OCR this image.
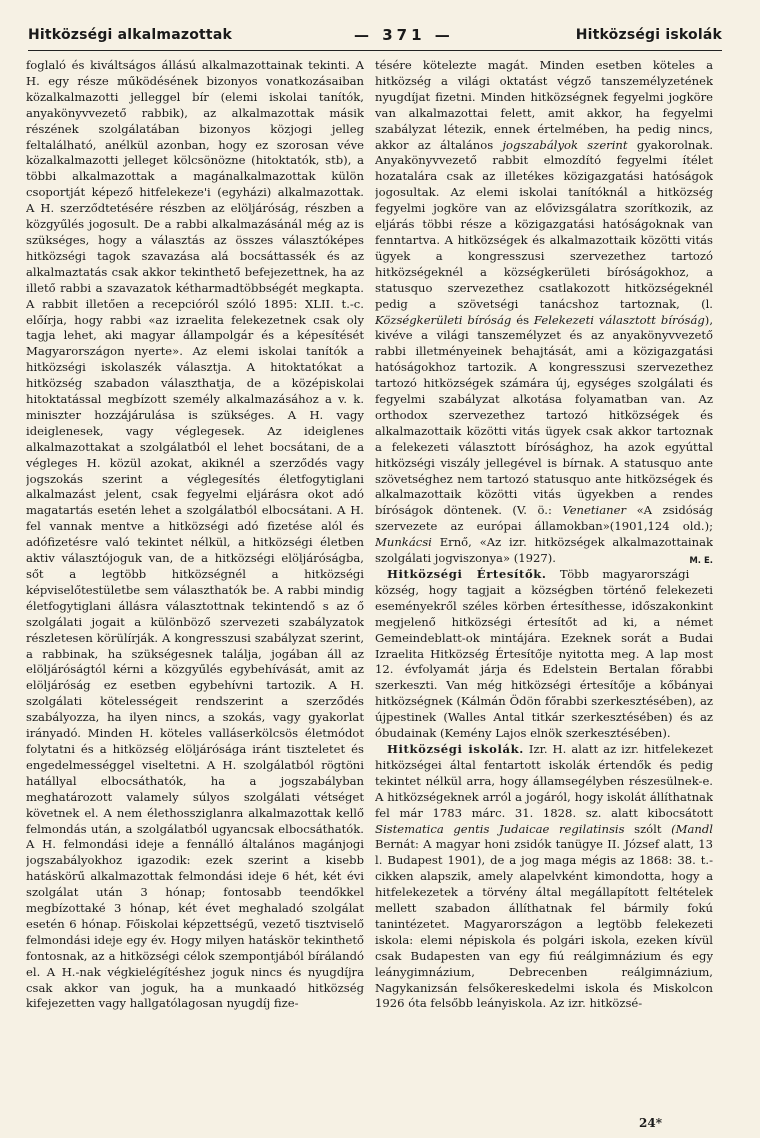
Hitközségi alkalmazottak	— 371 —	Hitközségi iskolák

foglaló és kiváltságos állású alkalmazottainak tekinti. A H. egy része működésének bizonyos vonatkozásaiban közalkalmazotti jelleggel bír (elemi iskolai tanítók, anyakönyvvezető rabbik), az alkalmazottak másik részének szolgálatában bizonyos közjogi jelleg feltalálható, anélkül azonban, hogy ez szorosan véve közalkalmazotti jelleget kölcsönözne (hitoktatók, stb), a többi alkalmazottak a magánalkalmazottak külön csoportját képező hitfelekeze'i (egyházi) alkalmazottak. A H. szerződtetésére részben az elöljáróság, részben a közgyűlés jogosult. De a rabbi alkalmazásánál még az is szükséges, hogy a választás az összes választóképes hitközségi tagok szavazása alá bocsáttassék és az alkalmaztatás csak akkor tekinthető befejezettnek, ha az illető rabbi a szavazatok kétharmadtöbbségét megkapta. A rabbit illetően a recepcióról szóló 1895: XLII. t.-c. előírja, hogy rabbi «az izraelita felekezetnek csak oly tagja lehet, aki magyar állampolgár és a képesítését Magyarországon nyerte». Az elemi iskolai tanítók a hitközségi iskolaszék választja. A hitoktatókat a hitközség szabadon választhatja, de a középiskolai hitoktatással megbízott személy alkalmazásához a v. k. miniszter hozzájárulása is szükséges. A H. vagy ideiglenesek, vagy véglegesek. Az ideiglenes alkalmazottakat a szolgálatból el lehet bocsátani, de a végleges H. közül azokat, akiknél a szerződés vagy jogszokás szerint a véglegesítés életfogytiglani alkalmazást jelent, csak fegyelmi eljárásra okot adó magatartás esetén lehet a szolgálatból elbocsátani. A H. fel vannak mentve a hitközségi adó fizetése alól és adófizetésre való tekintet nélkül, a hitközségi életben aktiv választójoguk van, de a hitközségi elöljáróságba, sőt a legtöbb hitközségnél a hitközségi képviselőtestületbe sem választhatók be. A rabbi mindig életfogytiglani állásra választottnak tekintendő s az ő szolgálati jogait a különböző szervezeti szabályzatok részletesen körülírják. A kongresszusi szabályzat szerint, a rabbinak, ha szükségesnek találja, jogában áll az elöljáróságtól kérni a közgyűlés egybehívását, amit az elöljáróság ez esetben egybehívni tartozik. A H. szolgálati kötelességeit rendszerint a szerződés szabályozza, ha ilyen nincs, a szokás, vagy gyakorlat irányadó. Minden H. köteles valláserkölcsös életmódot folytatni és a hitközség elöljárósága iránt tiszteletet és engedelmességgel viseltetni. A H. szolgálatból rögtöni hatállyal elbocsáthatók, ha a jogszabályban meghatározott valamely súlyos szolgálati vétséget követnek el. A nem élethossziglanra alkalmazottak kellő felmondás után, a szolgálatból ugyancsak elbocsáthatók. A H. felmondási ideje a fennálló általános magánjogi jogszabályokhoz igazodik: ezek szerint a kisebb hatáskörű alkalmazottak felmondási ideje 6 hét, két évi szolgálat után 3 hónap; fontosabb teendőkkel megbízottaké 3 hónap, két évet meghaladó szolgálat esetén 6 hónap. Főiskolai képzettségű, vezető tisztviselő felmondási ideje egy év. Hogy milyen hatáskör tekinthető fontosnak, az a hitközségi célok szempontjából bírálandó el. A H.-nak végkielégítéshez joguk nincs és nyugdíjra csak akkor van joguk, ha a munkaadó hitközség kifejezetten vagy hallgatólagosan nyugdíj fize-

tésére kötelezte magát. Minden esetben köteles a hitközség a világi oktatást végző tanszemélyzetének nyugdíjat fizetni. Minden hitközségnek fegyelmi jogköre van alkalmazottai felett, amit akkor, ha fegyelmi szabályzat létezik, ennek értelmében, ha pedig nincs, akkor az általános jogszabályok szerint gyakorolnak. Anyakönyvvezető rabbit elmozdító fegyelmi ítélet hozatalára csak az illetékes közigazgatási hatóságok jogosultak. Az elemi iskolai tanítóknál a hitközség fegyelmi jogköre van az elővizsgálatra szorítkozik, az eljárás többi része a közigazgatási hatóságoknak van fenntartva. A hitközségek és alkalmazottaik közötti vitás ügyek a kongresszusi szervezethez tartozó hitközségeknél a községkerületi bíróságokhoz, a statusquo szervezethez csatlakozott hitközségeknél pedig a szövetségi tanácshoz tartoznak, (l. Községkerületi bíróság és Felekezeti választott bíróság), kivéve a világi tanszemélyzet és az anyakönyvvezető rabbi illetményeinek behajtását, ami a közigazgatási hatóságokhoz tartozik. A kongresszusi szervezethez tartozó hitközségek számára új, egységes szolgálati és fegyelmi szabályzat alkotása folyamatban van. Az orthodox szervezethez tartozó hitközségek és alkalmazottaik közötti vitás ügyek csak akkor tartoznak a felekezeti választott bírósághoz, ha azok egyúttal hitközségi viszály jellegével is bírnak. A statusquo ante szövetséghez nem tartozó statusquo ante hitközségek és alkalmazottaik közötti vitás ügyekben a rendes bíróságok döntenek. (V. ö.: Venetianer «A zsidóság szervezete az európai államokban»(1901,124 old.); Munkácsi Ernő, «Az izr. hitközségek alkalmazottainak szolgálati jogviszonya» (1927).	M. E.

Hitközségi Értesítők. Több magyarországi község, hogy tagjait a községben történő felekezeti eseményekről széles körben értesíthesse, időszakonkint megjelenő hitközségi értesítőt ad ki, a német Gemeindeblatt-ok mintájára. Ezeknek sorát a Budai Izraelita Hitközség Értesítője nyitotta meg. A lap most 12. évfolyamát járja és Edelstein Bertalan főrabbi szerkeszti. Van még hitközségi értesítője a kőbányai hitközségnek (Kálmán Ödön főrabbi szerkesztésében), az újpestinek (Walles Antal titkár szerkesztésében) és az óbudainak (Kemény Lajos elnök szerkesztésében).

Hitközségi iskolák. Izr. H. alatt az izr. hitfelekezet hitközségei által fentartott iskolák értendők és pedig tekintet nélkül arra, hogy államsegélyben részesülnek-e. A hitközségeknek arról a jogáról, hogy iskolát állíthatnak fel már 1783 márc. 31. 1828. sz. alatt kibocsátott Sistematica gentis Judaicae regilatinsis szólt (Mandl Bernát: A magyar honi zsidók tanügye II. József alatt, 13 l. Budapest 1901), de a jog maga mégis az 1868: 38. t.-cikken alapszik, amely alapelvként kimondotta, hogy a hitfelekezetek a törvény által megállapított feltételek mellett szabadon állíthatnak fel bármily fokú tanintézetet. Magyarországon a legtöbb felekezeti iskola: elemi népiskola és polgári iskola, ezeken kívül csak Budapesten van egy fiú reálgimnázium és egy leánygimnázium, Debrecenben reálgimnázium, Nagykanizsán felsőkereskedelmi iskola és Miskolcon 1926 óta felsőbb leányiskola. Az izr. hitközsé-

24*
